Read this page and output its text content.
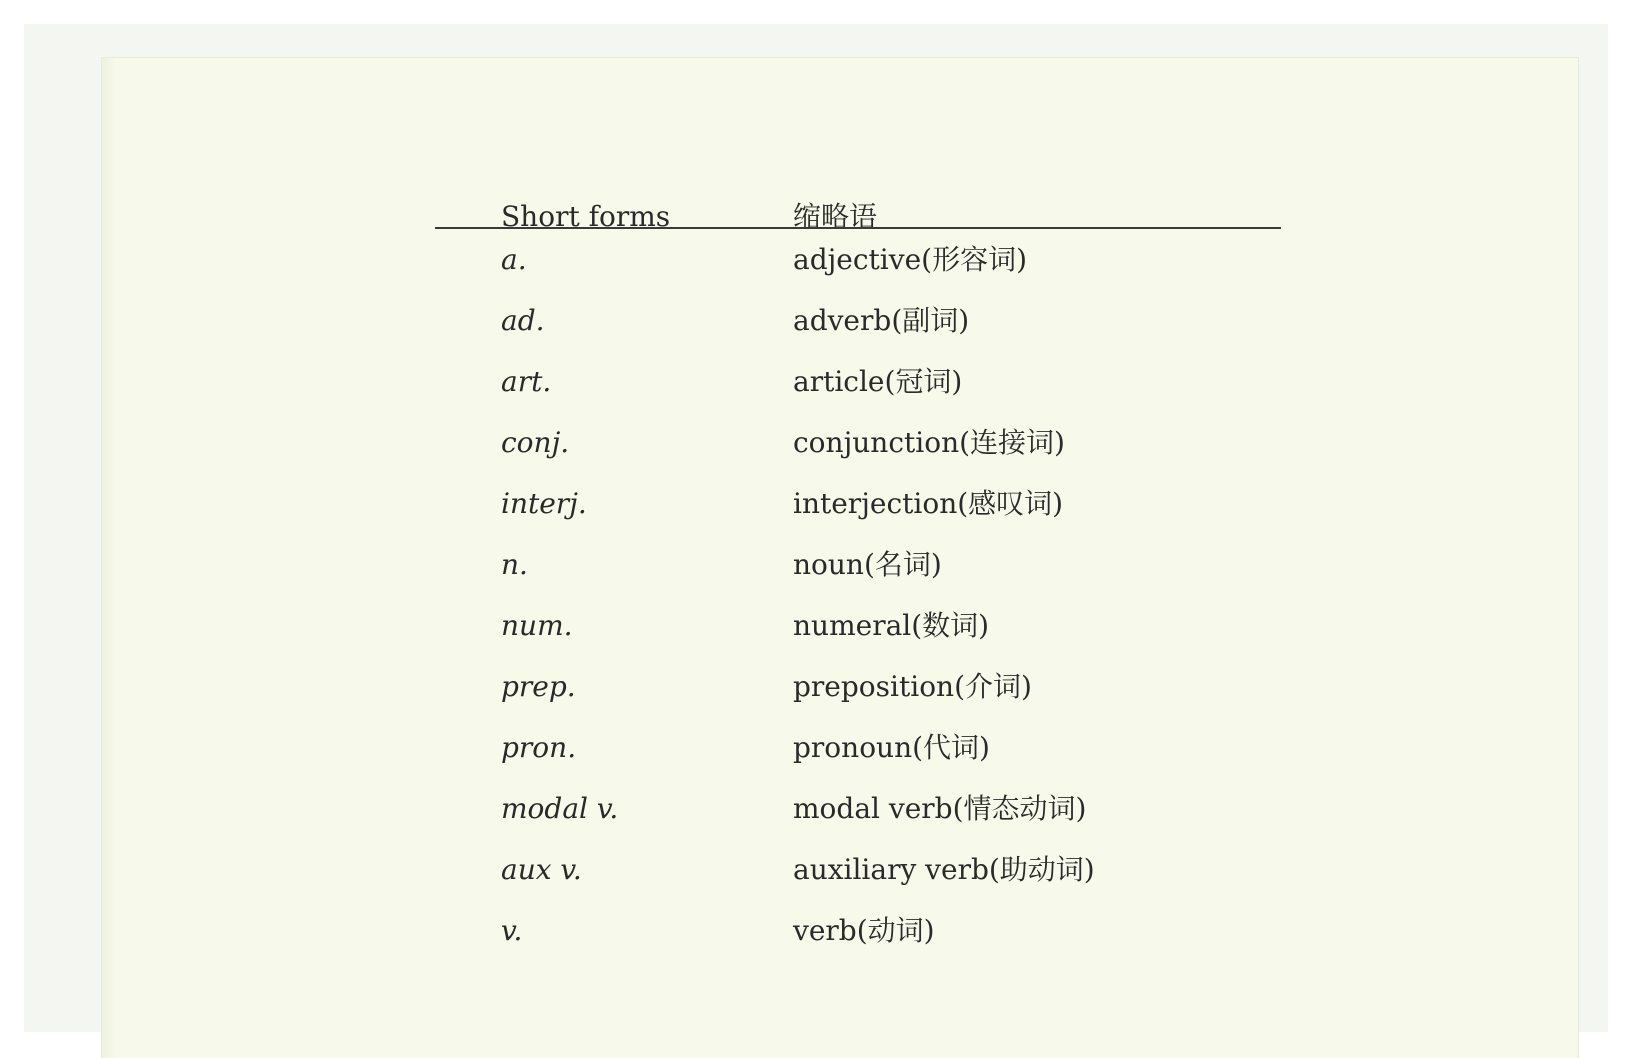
Short forms	缩略语
a.	adjective(形容词)
ad.	adverb(副词)
art.	article(冠词)
conj.	conjunction(连接词)
interj.	interjection(感叹词)
n.	noun(名词)
num.	numeral(数词)
prep.	preposition(介词)
pron.	pronoun(代词)
modal v.	modal verb(情态动词)
aux v.	auxiliary verb(助动词)
v.	verb(动词)
